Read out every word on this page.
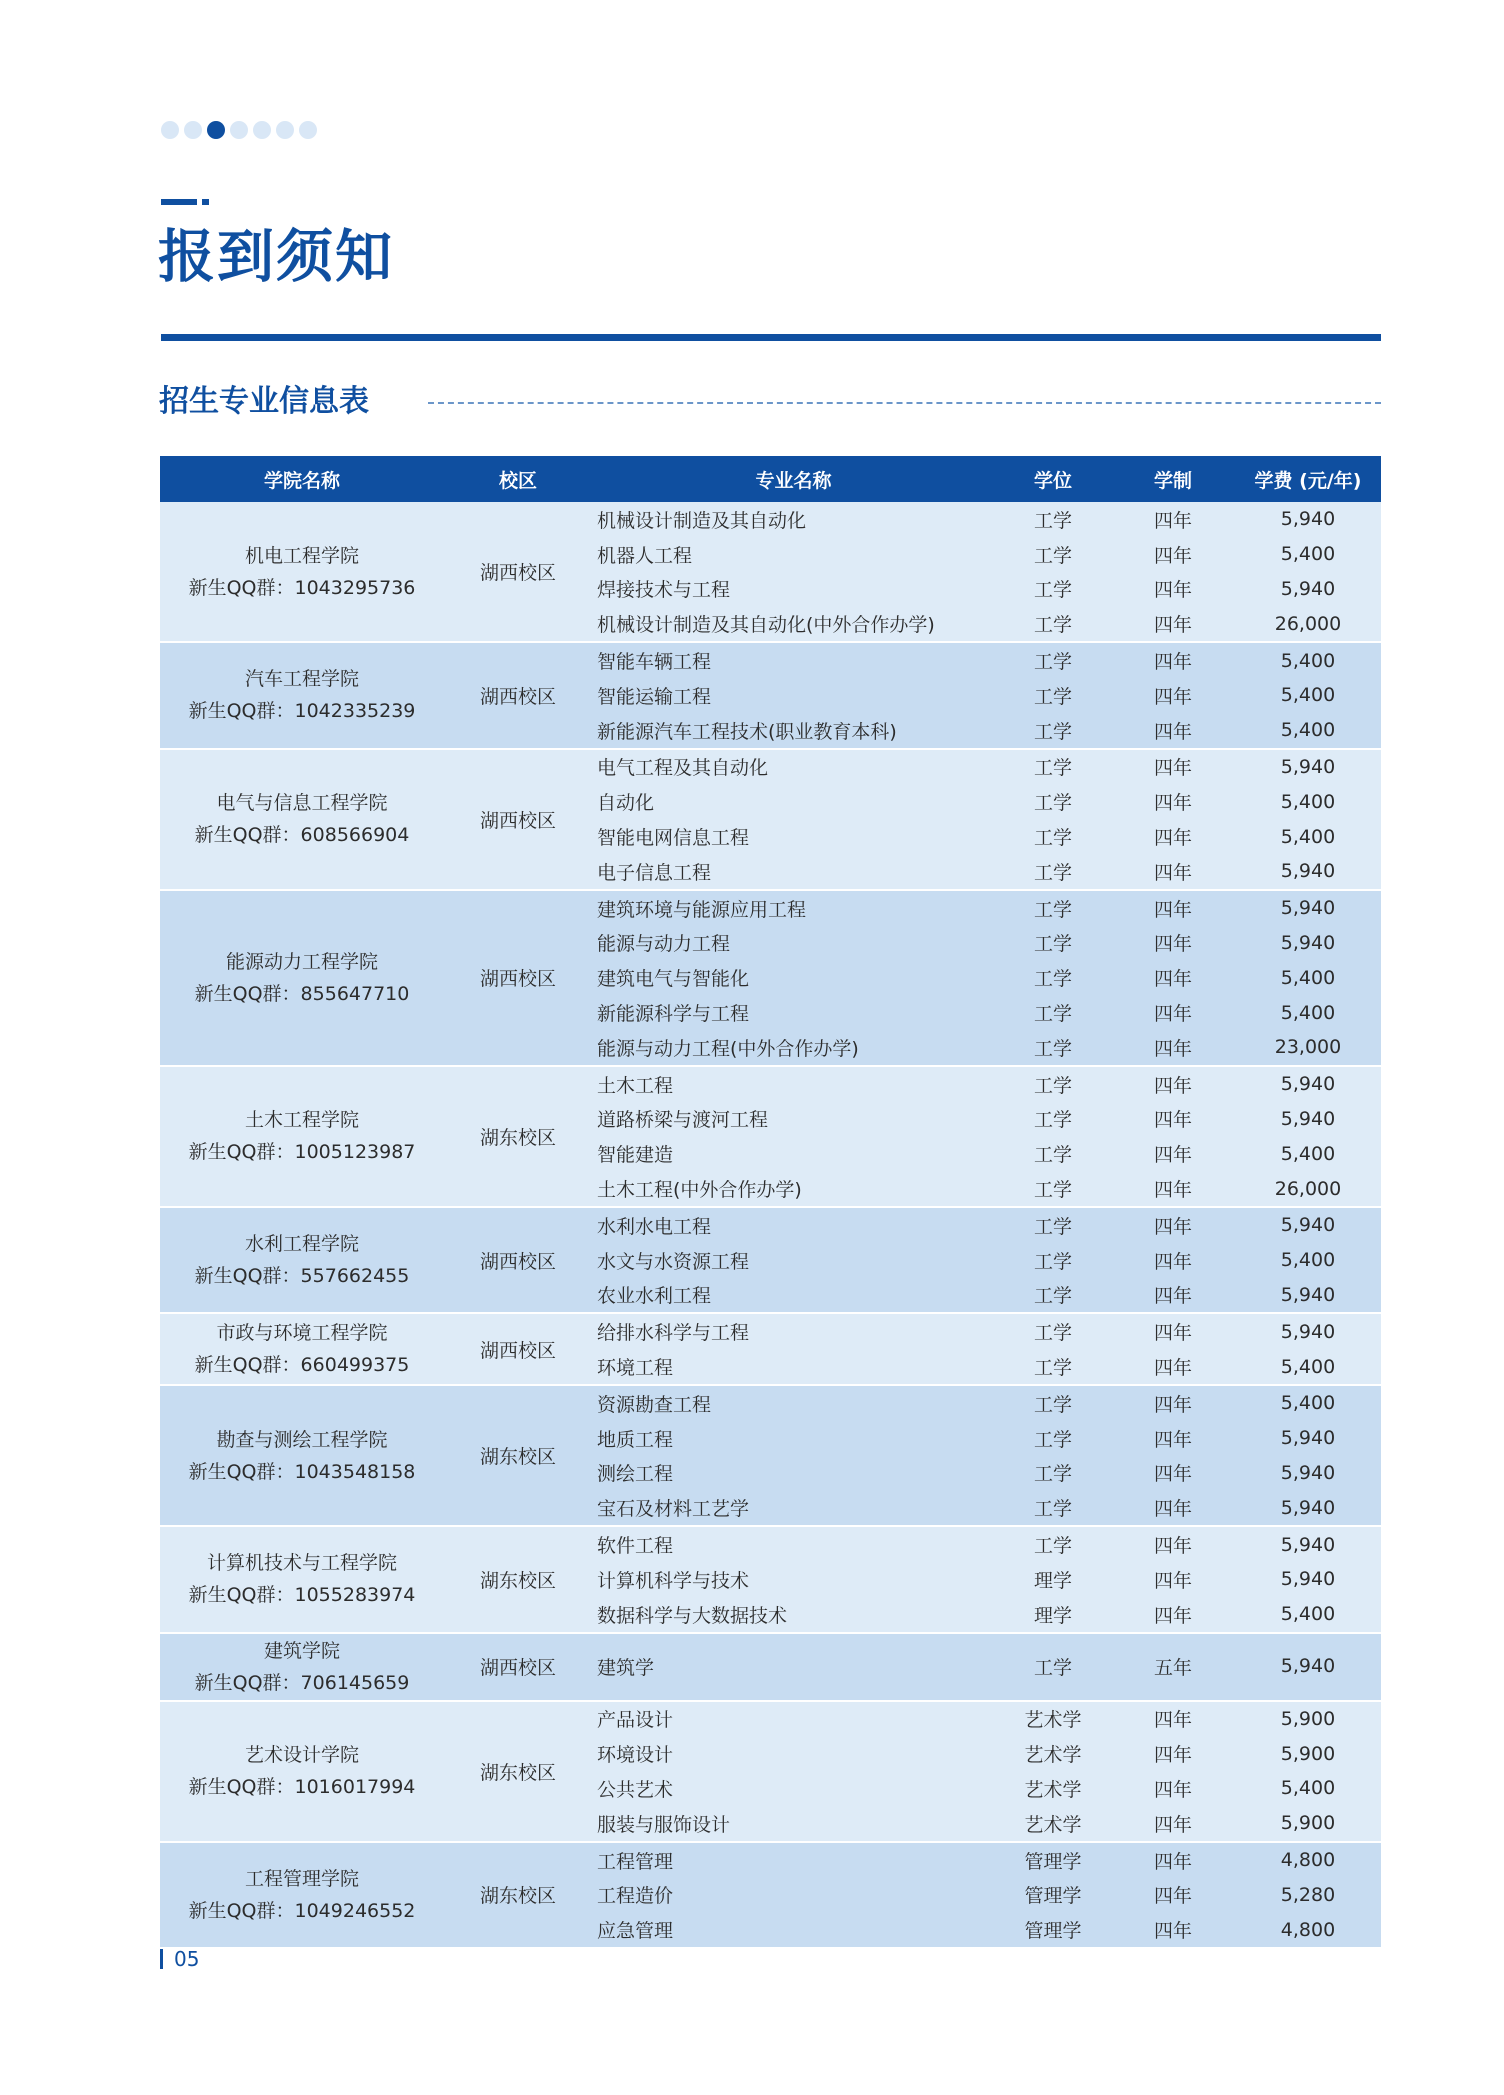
报到须知
招生专业信息表
学院名称	校区	专业名称	学位	学制	学费 (元/年)
机电工程学院
新生QQ群：1043295736
湖西校区
机械设计制造及其自动化	工学	四年	5,940
机器人工程	工学	四年	5,400
焊接技术与工程	工学	四年	5,940
机械设计制造及其自动化(中外合作办学)	工学	四年	26,000
汽车工程学院
新生QQ群：1042335239
湖西校区
智能车辆工程	工学	四年	5,400
智能运输工程	工学	四年	5,400
新能源汽车工程技术(职业教育本科)	工学	四年	5,400
电气与信息工程学院
新生QQ群：608566904
湖西校区
电气工程及其自动化	工学	四年	5,940
自动化	工学	四年	5,400
智能电网信息工程	工学	四年	5,400
电子信息工程	工学	四年	5,940
能源动力工程学院
新生QQ群：855647710
湖西校区
建筑环境与能源应用工程	工学	四年	5,940
能源与动力工程	工学	四年	5,940
建筑电气与智能化	工学	四年	5,400
新能源科学与工程	工学	四年	5,400
能源与动力工程(中外合作办学)	工学	四年	23,000
土木工程学院
新生QQ群：1005123987
湖东校区
土木工程	工学	四年	5,940
道路桥梁与渡河工程	工学	四年	5,940
智能建造	工学	四年	5,400
土木工程(中外合作办学)	工学	四年	26,000
水利工程学院
新生QQ群：557662455
湖西校区
水利水电工程	工学	四年	5,940
水文与水资源工程	工学	四年	5,400
农业水利工程	工学	四年	5,940
市政与环境工程学院
新生QQ群：660499375
湖西校区
给排水科学与工程	工学	四年	5,940
环境工程	工学	四年	5,400
勘查与测绘工程学院
新生QQ群：1043548158
湖东校区
资源勘查工程	工学	四年	5,400
地质工程	工学	四年	5,940
测绘工程	工学	四年	5,940
宝石及材料工艺学	工学	四年	5,940
计算机技术与工程学院
新生QQ群：1055283974
湖东校区
软件工程	工学	四年	5,940
计算机科学与技术	理学	四年	5,940
数据科学与大数据技术	理学	四年	5,400
建筑学院
新生QQ群：706145659
湖西校区	建筑学	工学	五年	5,940
艺术设计学院
新生QQ群：1016017994
湖东校区
产品设计	艺术学	四年	5,900
环境设计	艺术学	四年	5,900
公共艺术	艺术学	四年	5,400
服装与服饰设计	艺术学	四年	5,900
工程管理学院
新生QQ群：1049246552
湖东校区
工程管理	管理学	四年	4,800
工程造价	管理学	四年	5,280
应急管理	管理学	四年	4,800
05
